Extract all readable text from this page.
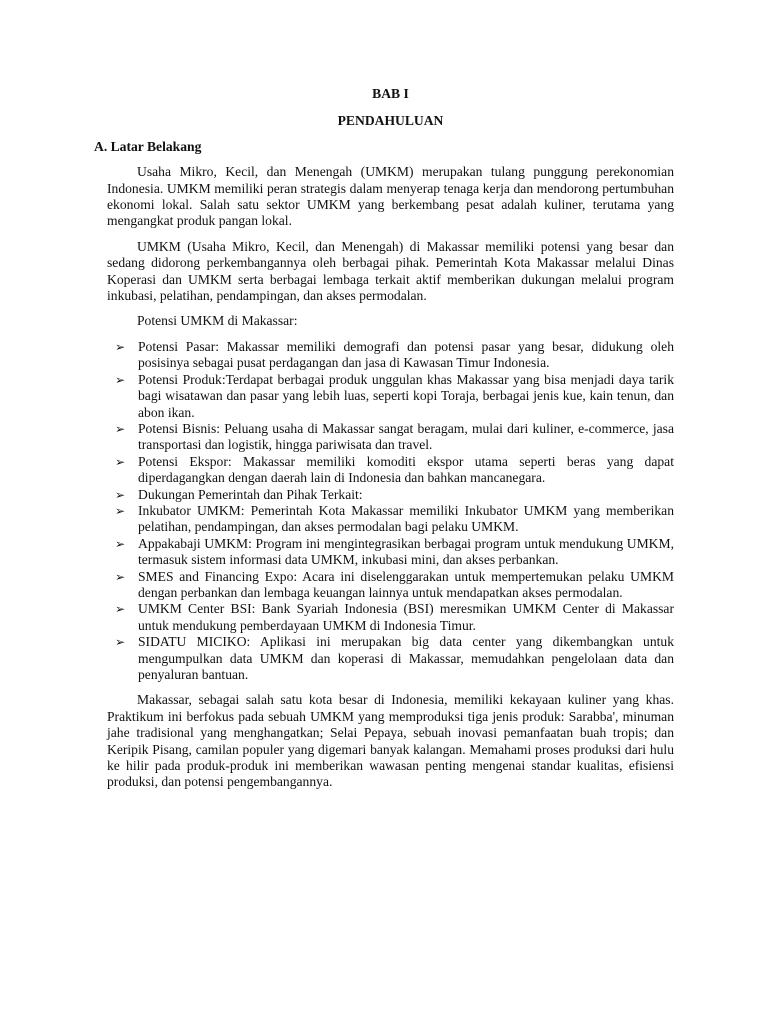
BAB I

PENDAHULUAN

A. Latar Belakang

Usaha Mikro, Kecil, dan Menengah (UMKM) merupakan tulang punggung perekonomian Indonesia. UMKM memiliki peran strategis dalam menyerap tenaga kerja dan mendorong pertumbuhan ekonomi lokal. Salah satu sektor UMKM yang berkembang pesat adalah kuliner, terutama yang mengangkat produk pangan lokal.

UMKM (Usaha Mikro, Kecil, dan Menengah) di Makassar memiliki potensi yang besar dan sedang didorong perkembangannya oleh berbagai pihak. Pemerintah Kota Makassar melalui Dinas Koperasi dan UMKM serta berbagai lembaga terkait aktif memberikan dukungan melalui program inkubasi, pelatihan, pendampingan, dan akses permodalan.

Potensi UMKM di Makassar:

➢ Potensi Pasar: Makassar memiliki demografi dan potensi pasar yang besar, didukung oleh posisinya sebagai pusat perdagangan dan jasa di Kawasan Timur Indonesia.
➢ Potensi Produk:Terdapat berbagai produk unggulan khas Makassar yang bisa menjadi daya tarik bagi wisatawan dan pasar yang lebih luas, seperti kopi Toraja, berbagai jenis kue, kain tenun, dan abon ikan.
➢ Potensi Bisnis: Peluang usaha di Makassar sangat beragam, mulai dari kuliner, e-commerce, jasa transportasi dan logistik, hingga pariwisata dan travel.
➢ Potensi Ekspor: Makassar memiliki komoditi ekspor utama seperti beras yang dapat diperdagangkan dengan daerah lain di Indonesia dan bahkan mancanegara.
➢ Dukungan Pemerintah dan Pihak Terkait:
➢ Inkubator UMKM: Pemerintah Kota Makassar memiliki Inkubator UMKM yang memberikan pelatihan, pendampingan, dan akses permodalan bagi pelaku UMKM.
➢ Appakabaji UMKM: Program ini mengintegrasikan berbagai program untuk mendukung UMKM, termasuk sistem informasi data UMKM, inkubasi mini, dan akses perbankan.
➢ SMES and Financing Expo: Acara ini diselenggarakan untuk mempertemukan pelaku UMKM dengan perbankan dan lembaga keuangan lainnya untuk mendapatkan akses permodalan.
➢ UMKM Center BSI: Bank Syariah Indonesia (BSI) meresmikan UMKM Center di Makassar untuk mendukung pemberdayaan UMKM di Indonesia Timur.
➢ SIDATU MICIKO: Aplikasi ini merupakan big data center yang dikembangkan untuk mengumpulkan data UMKM dan koperasi di Makassar, memudahkan pengelolaan data dan penyaluran bantuan.

Makassar, sebagai salah satu kota besar di Indonesia, memiliki kekayaan kuliner yang khas. Praktikum ini berfokus pada sebuah UMKM yang memproduksi tiga jenis produk: Sarabba', minuman jahe tradisional yang menghangatkan; Selai Pepaya, sebuah inovasi pemanfaatan buah tropis; dan Keripik Pisang, camilan populer yang digemari banyak kalangan. Memahami proses produksi dari hulu ke hilir pada produk-produk ini memberikan wawasan penting mengenai standar kualitas, efisiensi produksi, dan potensi pengembangannya.
